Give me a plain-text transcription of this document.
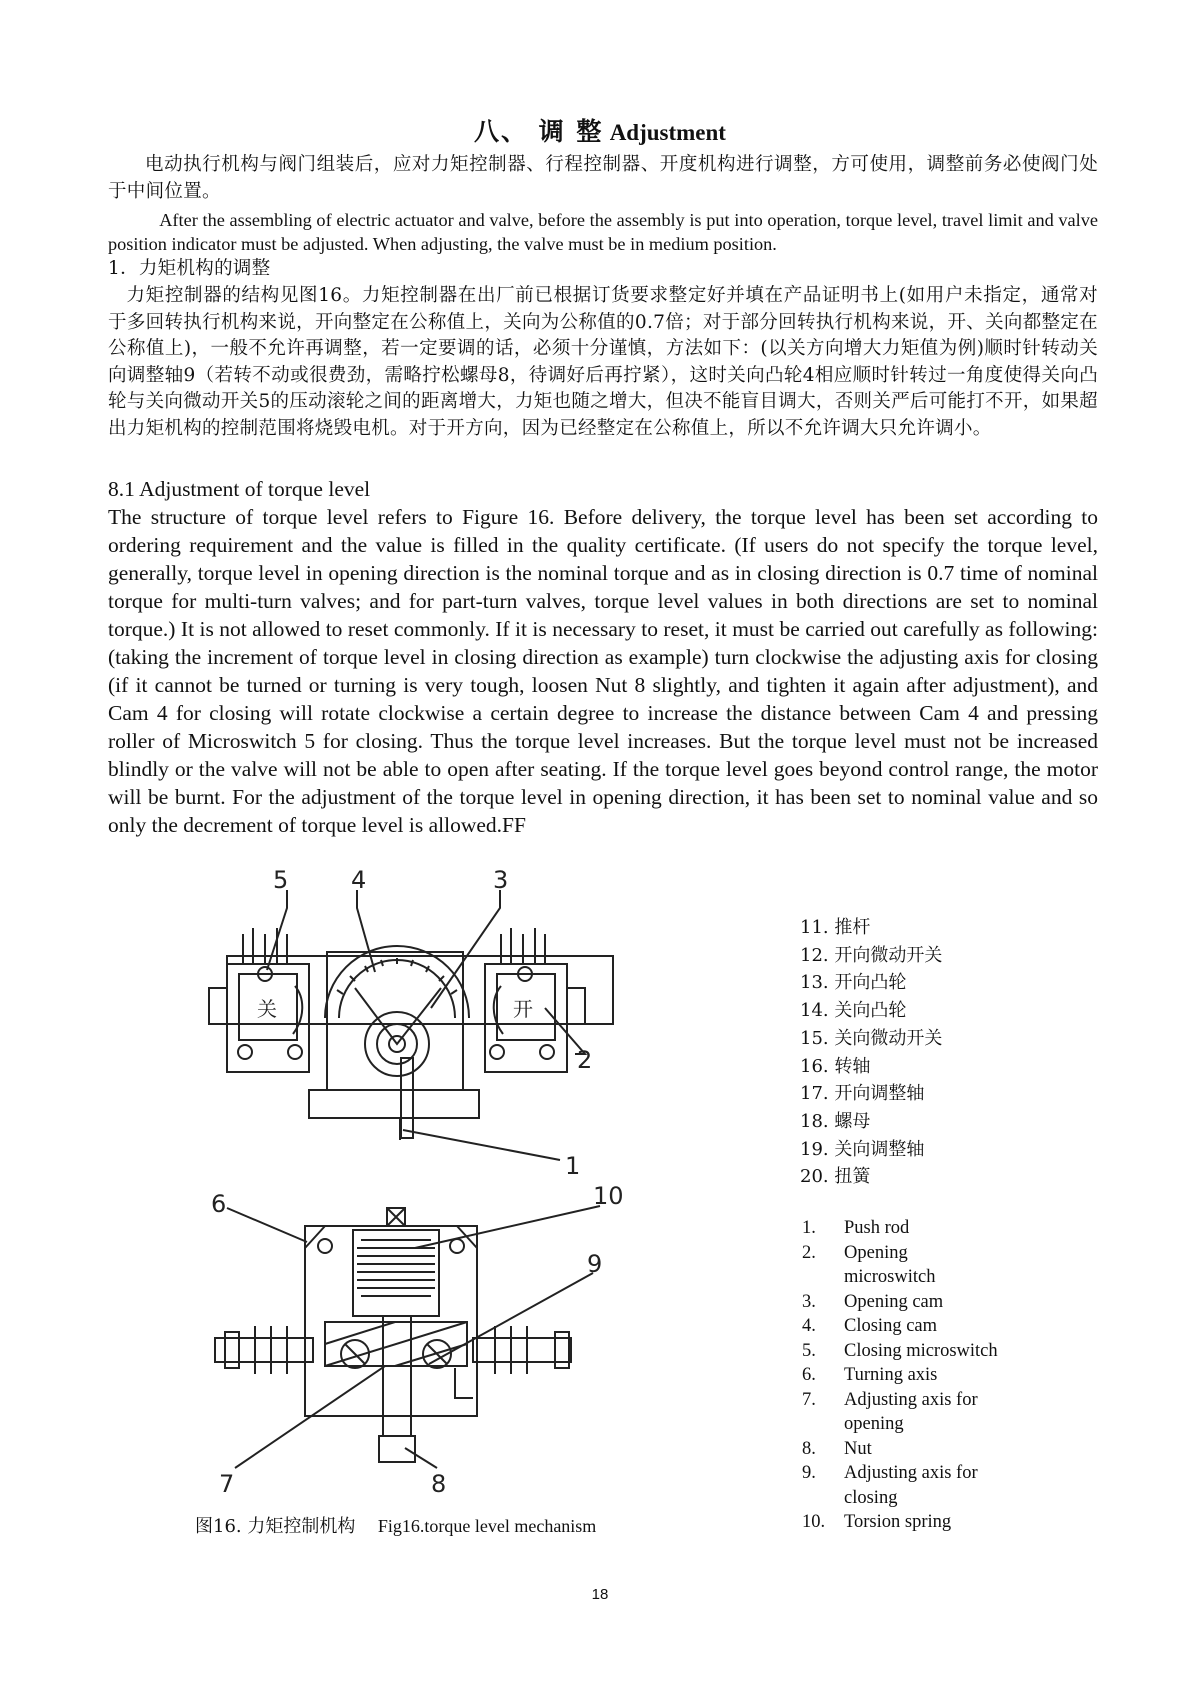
八、 调 整 Adjustment

电动执行机构与阀门组装后，应对力矩控制器、行程控制器、开度机构进行调整，方可使用，调整前务必使阀门处于中间位置。

After the assembling of electric actuator and valve, before the assembly is put into operation, torque level, travel limit and valve position indicator must be adjusted. When adjusting, the valve must be in medium position.

1．力矩机构的调整

力矩控制器的结构见图16。力矩控制器在出厂前已根据订货要求整定好并填在产品证明书上(如用户未指定，通常对于多回转执行机构来说，开向整定在公称值上，关向为公称值的0.7倍；对于部分回转执行机构来说，开、关向都整定在公称值上)，一般不允许再调整，若一定要调的话，必须十分谨慎，方法如下：(以关方向增大力矩值为例)顺时针转动关向调整轴9（若转不动或很费劲，需略拧松螺母8，待调好后再拧紧），这时关向凸轮4相应顺时针转过一角度使得关向凸轮与关向微动开关5的压动滚轮之间的距离增大，力矩也随之增大，但决不能盲目调大，否则关严后可能打不开，如果超出力矩机构的控制范围将烧毁电机。对于开方向，因为已经整定在公称值上，所以不允许调大只允许调小。

8.1 Adjustment of torque level

The structure of torque level refers to Figure 16. Before delivery, the torque level has been set according to ordering requirement and the value is filled in the quality certificate. (If users do not specify the torque level, generally, torque level in opening direction is the nominal torque and as in closing direction is 0.7 time of nominal torque for multi-turn valves; and for part-turn valves, torque level values in both directions are set to nominal torque.) It is not allowed to reset commonly. If it is necessary to reset, it must be carried out carefully as following: (taking the increment of torque level in closing direction as example) turn clockwise the adjusting axis for closing (if it cannot be turned or turning is very tough, loosen Nut 8 slightly, and tighten it again after adjustment), and Cam 4 for closing will rotate clockwise a certain degree to increase the distance between Cam 4 and pressing roller of Microswitch 5 for closing. Thus the torque level increases. But the torque level must not be increased blindly or the valve will not be able to open after seating. If the torque level goes beyond control range, the motor will be burnt. For the adjustment of the torque level in opening direction, it has been set to nominal value and so only the decrement of torque level is allowed.FF

5	4	3
2
1
6	10
9
7	8
关	开
图16. 力矩控制机构 Fig16.torque level mechanism
11. 推杆
12. 开向微动开关
13. 开向凸轮
14. 关向凸轮
15. 关向微动开关
16. 转轴
17. 开向调整轴
18. 螺母
19. 关向调整轴
20. 扭簧
1.	Push rod
2.	Opening microswitch
3.	Opening cam
4.	Closing cam
5.	Closing microswitch
6.	Turning axis
7.	Adjusting axis for opening
8.	Nut
9.	Adjusting axis for closing
10.	Torsion spring
18
